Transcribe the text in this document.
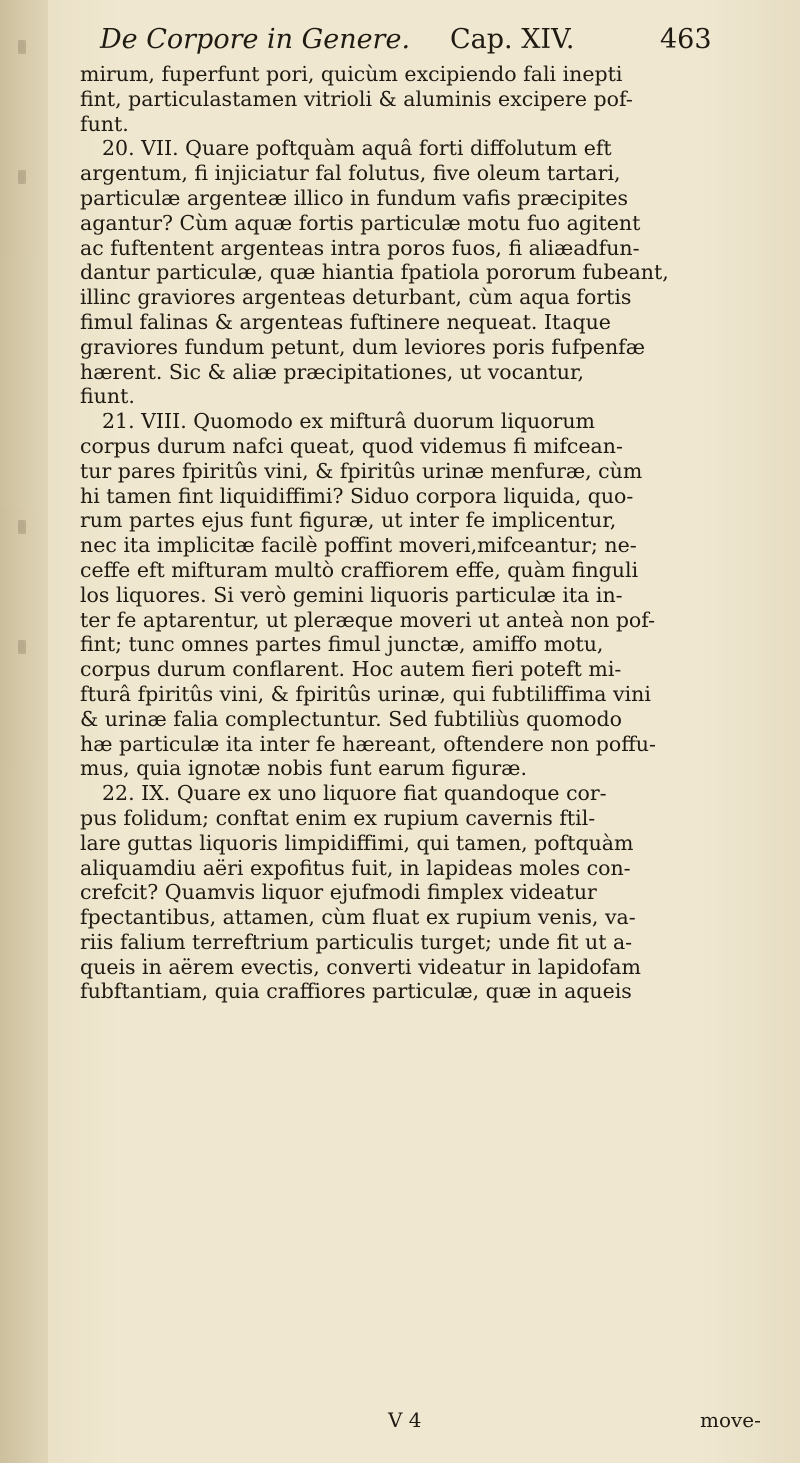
De Corpore in Genere. Cap. XIV.	463
mirum, fuperfunt pori, quicùm excipiendo fali inepti
fint, particulastamen vitrioli & aluminis excipere pof-
funt.
20. VII. Quare poftquàm aquâ forti diffolutum eft
argentum, fi injiciatur fal folutus, five oleum tartari,
particulæ argenteæ illico in fundum vafis præcipites
agantur? Cùm aquæ fortis particulæ motu fuo agitent
ac fuftentent argenteas intra poros fuos, fi aliæadfun-
dantur particulæ, quæ hiantia fpatiola pororum fubeant,
illinc graviores argenteas deturbant, cùm aqua fortis
fimul falinas & argenteas fuftinere nequeat. Itaque
graviores fundum petunt, dum leviores poris fufpenfæ
hærent. Sic & aliæ præcipitationes, ut vocantur,
fiunt.
21. VIII. Quomodo ex mifturâ duorum liquorum
corpus durum nafci queat, quod videmus fi mifcean-
tur pares fpiritûs vini, & fpiritûs urinæ menfuræ, cùm
hi tamen fint liquidiffimi? Siduo corpora liquida, quo-
rum partes ejus funt figuræ, ut inter fe implicentur,
nec ita implicitæ facilè poffint moveri,mifceantur; ne-
ceffe eft mifturam multò craffiorem effe, quàm finguli
los liquores. Si verò gemini liquoris particulæ ita in-
ter fe aptarentur, ut pleræque moveri ut anteà non pof-
fint; tunc omnes partes fimul junctæ, amiffo motu,
corpus durum conflarent. Hoc autem fieri poteft mi-
fturâ fpiritûs vini, & fpiritûs urinæ, qui fubtiliffima vini
& urinæ falia complectuntur. Sed fubtiliùs quomodo
hæ particulæ ita inter fe hæreant, oftendere non poffu-
mus, quia ignotæ nobis funt earum figuræ.
22. IX. Quare ex uno liquore fiat quandoque cor-
pus folidum; conftat enim ex rupium cavernis ftil-
lare guttas liquoris limpidiffimi, qui tamen, poftquàm
aliquamdiu aëri expofitus fuit, in lapideas moles con-
crefcit? Quamvis liquor ejufmodi fimplex videatur
fpectantibus, attamen, cùm fluat ex rupium venis, va-
riis falium terreftrium particulis turget; unde fit ut a-
queis in aërem evectis, converti videatur in lapidofam
fubftantiam, quia craffiores particulæ, quæ in aqueis
V 4	move-
